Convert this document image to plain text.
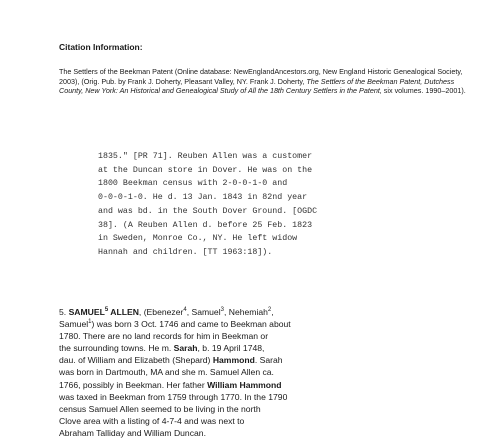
Citation Information:
The Settlers of the Beekman Patent (Online database: NewEnglandAncestors.org, New England Historic Genealogical Society, 2003), (Orig. Pub. by Frank J. Doherty, Pleasant Valley, NY. Frank J. Doherty, The Settlers of the Beekman Patent, Dutchess County, New York: An Historical and Genealogical Study of All the 18th Century Settlers in the Patent, six volumes. 1990–2001).
1835." [PR 71]. Reuben Allen was a customer
at the Duncan store in Dover. He was on the
1800 Beekman census with 2-0-0-1-0 and
0-0-0-1-0. He d. 13 Jan. 1843 in 82nd year
and was bd. in the South Dover Ground. [OGDC
38]. (A Reuben Allen d. before 25 Feb. 1823
in Sweden, Monroe Co., NY. He left widow
Hannah and children. [TT 1963:18]).
5. SAMUEL$^5$ ALLEN, (Ebenezer$^4$, Samuel$^3$, Nehemiah$^2$,
Samuel$^1$) was born 3 Oct. 1746 and came to Beekman about
1780. There are no land records for him in Beekman or
the surrounding towns. He m. Sarah, b. 19 April 1748,
dau. of William and Elizabeth (Shepard) Hammond. Sarah
was born in Dartmouth, MA and she m. Samuel Allen ca.
1766, possibly in Beekman. Her father William Hammond
was taxed in Beekman from 1759 through 1770. In the 1790
census Samuel Allen seemed to be living in the north
Clove area with a listing of 4-7-4 and was next to
Abraham Talliday and William Duncan.
